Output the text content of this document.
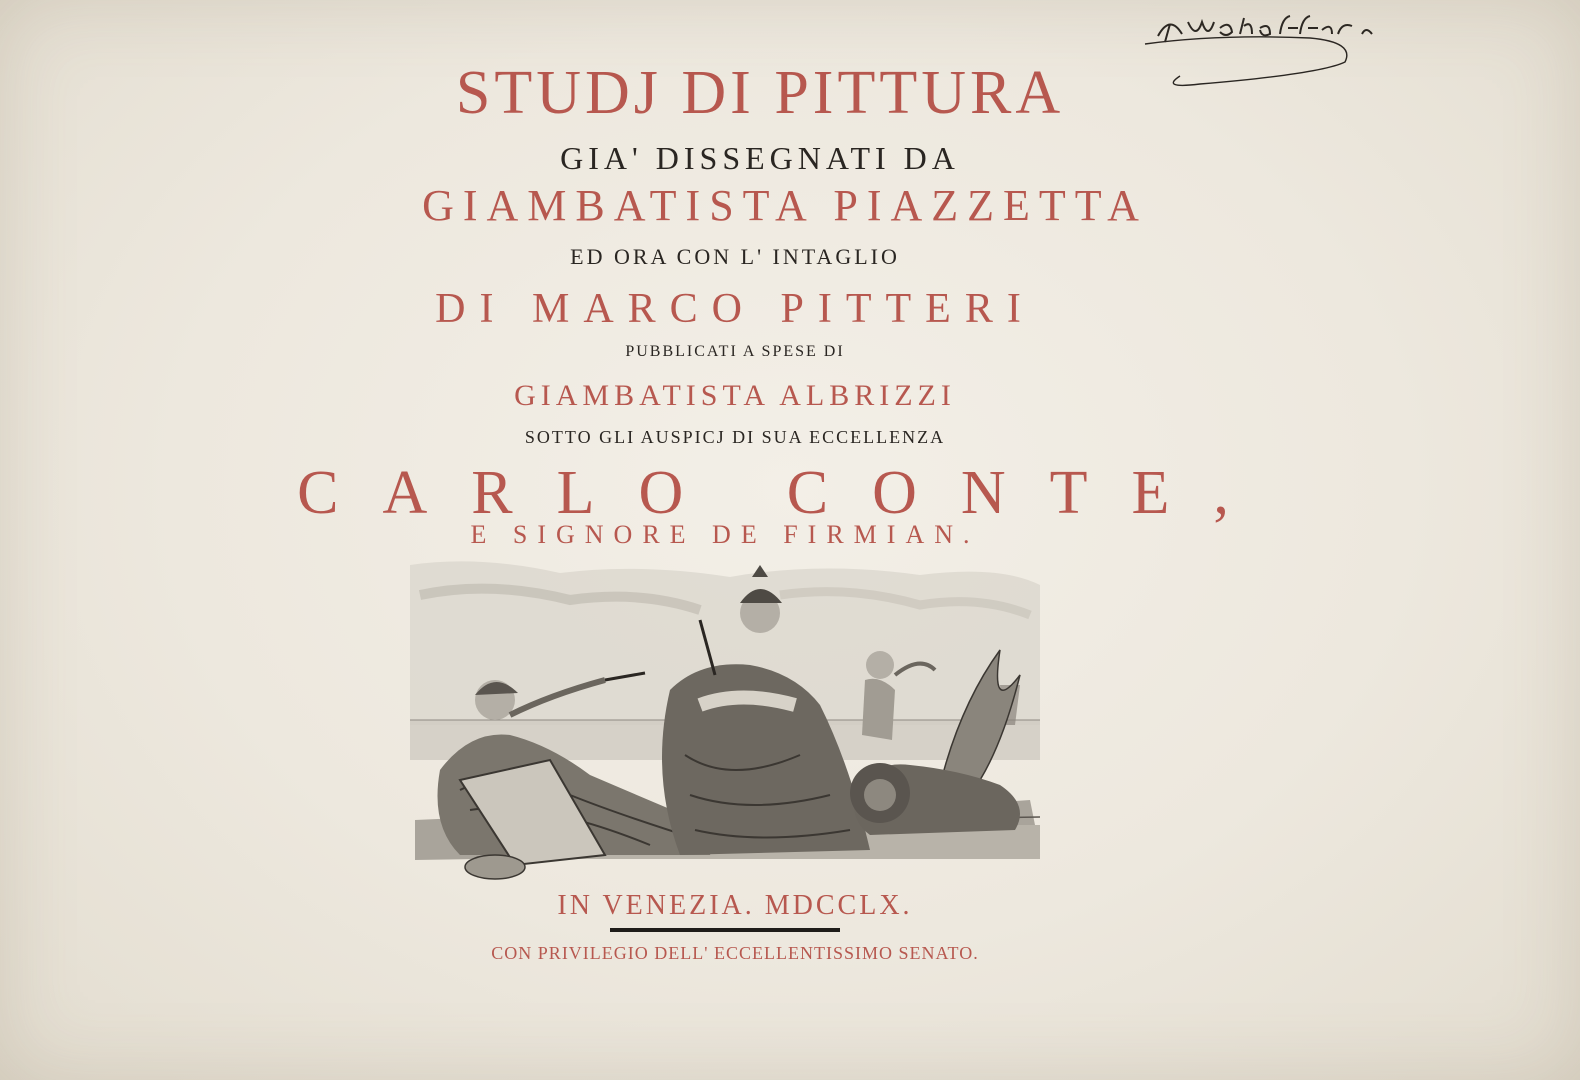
STUDJ DI PITTURA
GIA' DISSEGNATI DA
GIAMBATISTA PIAZZETTA
ED ORA CON L' INTAGLIO
DI MARCO PITTERI
PUBBLICATI A SPESE DI
GIAMBATISTA ALBRIZZI
SOTTO GLI AUSPICJ DI SUA ECCELLENZA
CARLO CONTE,
E SIGNORE DE FIRMIAN.
IN VENEZIA. MDCCLX.
CON PRIVILEGIO DELL' ECCELLENTISSIMO SENATO.
